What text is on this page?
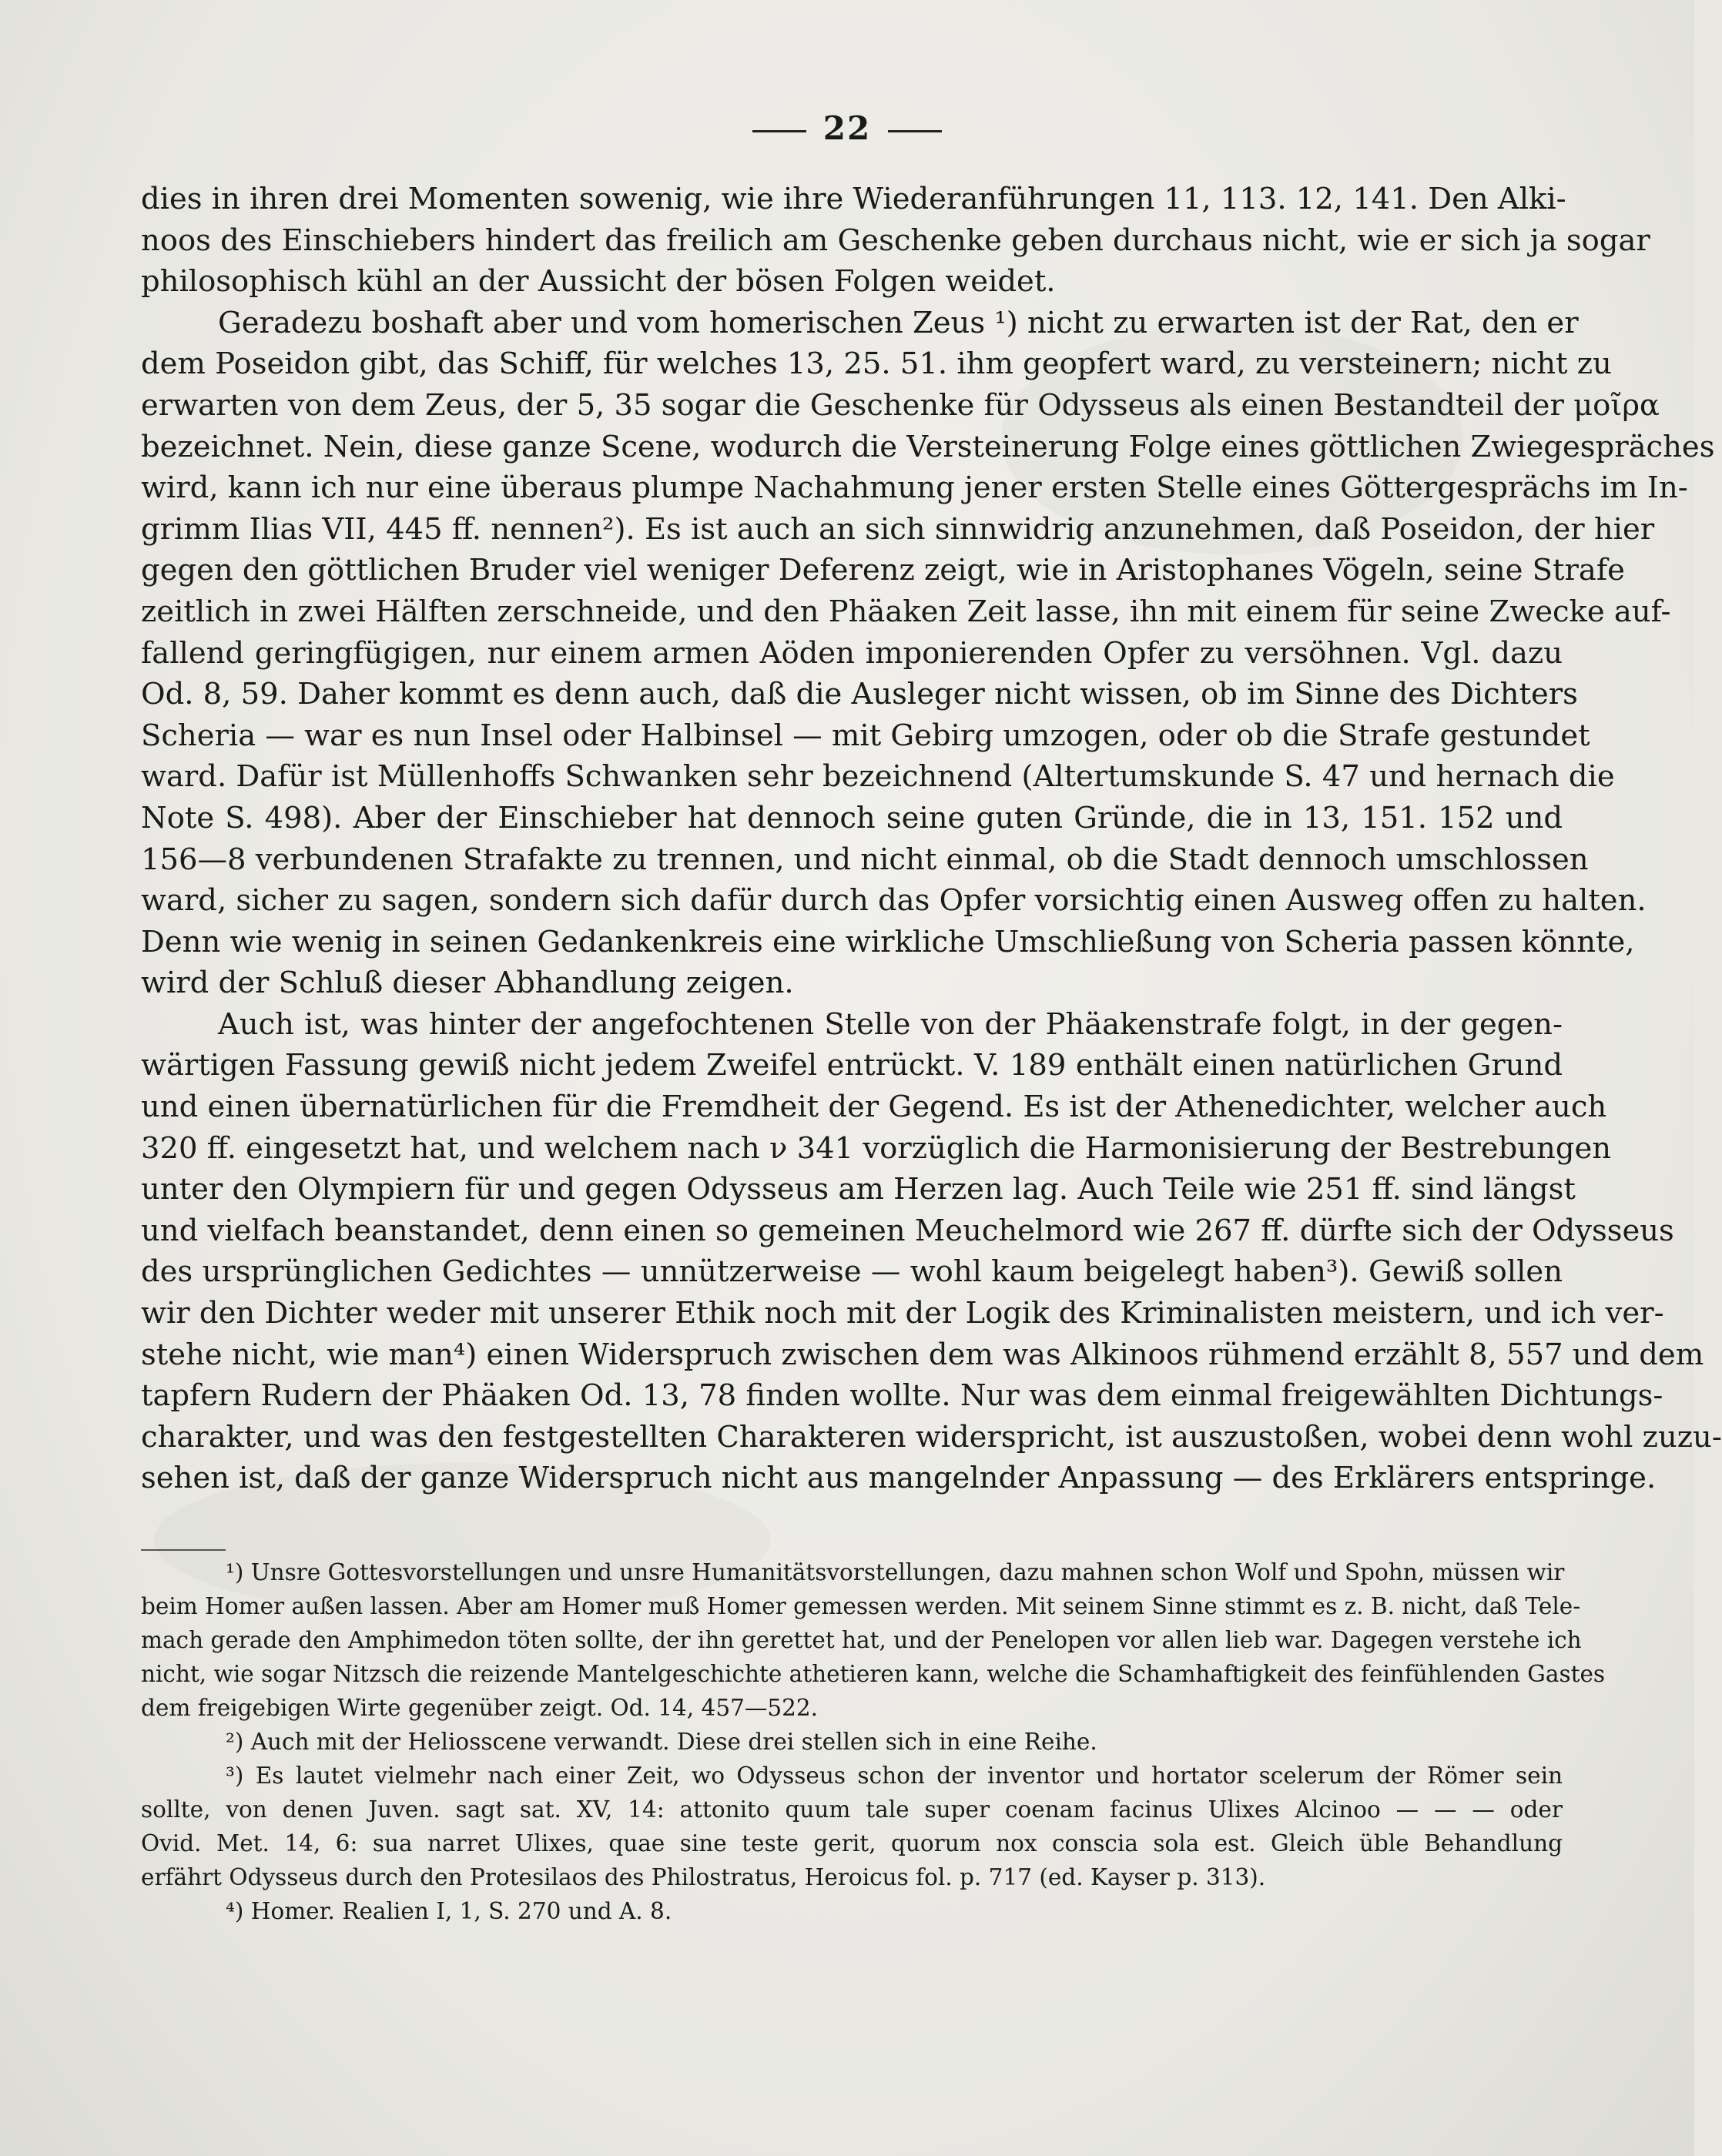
22
dies in ihren drei Momenten sowenig, wie ihre Wiederanführungen 11, 113. 12, 141. Den Alki-
noos des Einschiebers hindert das freilich am Geschenke geben durchaus nicht, wie er sich ja sogar
philosophisch kühl an der Aussicht der bösen Folgen weidet.
Geradezu boshaft aber und vom homerischen Zeus ¹) nicht zu erwarten ist der Rat, den er
dem Poseidon gibt, das Schiff, für welches 13, 25. 51. ihm geopfert ward, zu versteinern; nicht zu
erwarten von dem Zeus, der 5, 35 sogar die Geschenke für Odysseus als einen Bestandteil der μοῖρα
bezeichnet. Nein, diese ganze Scene, wodurch die Versteinerung Folge eines göttlichen Zwiegespräches
wird, kann ich nur eine überaus plumpe Nachahmung jener ersten Stelle eines Göttergesprächs im In-
grimm Ilias VII, 445 ff. nennen²). Es ist auch an sich sinnwidrig anzunehmen, daß Poseidon, der hier
gegen den göttlichen Bruder viel weniger Deferenz zeigt, wie in Aristophanes Vögeln, seine Strafe
zeitlich in zwei Hälften zerschneide, und den Phäaken Zeit lasse, ihn mit einem für seine Zwecke auf-
fallend geringfügigen, nur einem armen Aöden imponierenden Opfer zu versöhnen. Vgl. dazu
Od. 8, 59. Daher kommt es denn auch, daß die Ausleger nicht wissen, ob im Sinne des Dichters
Scheria — war es nun Insel oder Halbinsel — mit Gebirg umzogen, oder ob die Strafe gestundet
ward. Dafür ist Müllenhoffs Schwanken sehr bezeichnend (Altertumskunde S. 47 und hernach die
Note S. 498). Aber der Einschieber hat dennoch seine guten Gründe, die in 13, 151. 152 und
156—8 verbundenen Strafakte zu trennen, und nicht einmal, ob die Stadt dennoch umschlossen
ward, sicher zu sagen, sondern sich dafür durch das Opfer vorsichtig einen Ausweg offen zu halten.
Denn wie wenig in seinen Gedankenkreis eine wirkliche Umschließung von Scheria passen könnte,
wird der Schluß dieser Abhandlung zeigen.
Auch ist, was hinter der angefochtenen Stelle von der Phäakenstrafe folgt, in der gegen-
wärtigen Fassung gewiß nicht jedem Zweifel entrückt. V. 189 enthält einen natürlichen Grund
und einen übernatürlichen für die Fremdheit der Gegend. Es ist der Athenedichter, welcher auch
320 ff. eingesetzt hat, und welchem nach ν 341 vorzüglich die Harmonisierung der Bestrebungen
unter den Olympiern für und gegen Odysseus am Herzen lag. Auch Teile wie 251 ff. sind längst
und vielfach beanstandet, denn einen so gemeinen Meuchelmord wie 267 ff. dürfte sich der Odysseus
des ursprünglichen Gedichtes — unnützerweise — wohl kaum beigelegt haben³). Gewiß sollen
wir den Dichter weder mit unserer Ethik noch mit der Logik des Kriminalisten meistern, und ich ver-
stehe nicht, wie man⁴) einen Widerspruch zwischen dem was Alkinoos rühmend erzählt 8, 557 und dem
tapfern Rudern der Phäaken Od. 13, 78 finden wollte. Nur was dem einmal freigewählten Dichtungs-
charakter, und was den festgestellten Charakteren widerspricht, ist auszustoßen, wobei denn wohl zuzu-
sehen ist, daß der ganze Widerspruch nicht aus mangelnder Anpassung — des Erklärers entspringe.
¹) Unsre Gottesvorstellungen und unsre Humanitätsvorstellungen, dazu mahnen schon Wolf und Spohn, müssen wir
beim Homer außen lassen. Aber am Homer muß Homer gemessen werden. Mit seinem Sinne stimmt es z. B. nicht, daß Tele-
mach gerade den Amphimedon töten sollte, der ihn gerettet hat, und der Penelopen vor allen lieb war. Dagegen verstehe ich
nicht, wie sogar Nitzsch die reizende Mantelgeschichte athetieren kann, welche die Schamhaftigkeit des feinfühlenden Gastes
dem freigebigen Wirte gegenüber zeigt. Od. 14, 457—522.
²) Auch mit der Heliosscene verwandt. Diese drei stellen sich in eine Reihe.
³) Es lautet vielmehr nach einer Zeit, wo Odysseus schon der inventor und hortator scelerum der Römer sein
sollte, von denen Juven. sagt sat. XV, 14: attonito quum tale super coenam facinus Ulixes Alcinoo — — — oder
Ovid. Met. 14, 6: sua narret Ulixes, quae sine teste gerit, quorum nox conscia sola est. Gleich üble Behandlung
erfährt Odysseus durch den Protesilaos des Philostratus, Heroicus fol. p. 717 (ed. Kayser p. 313).
⁴) Homer. Realien I, 1, S. 270 und A. 8.
